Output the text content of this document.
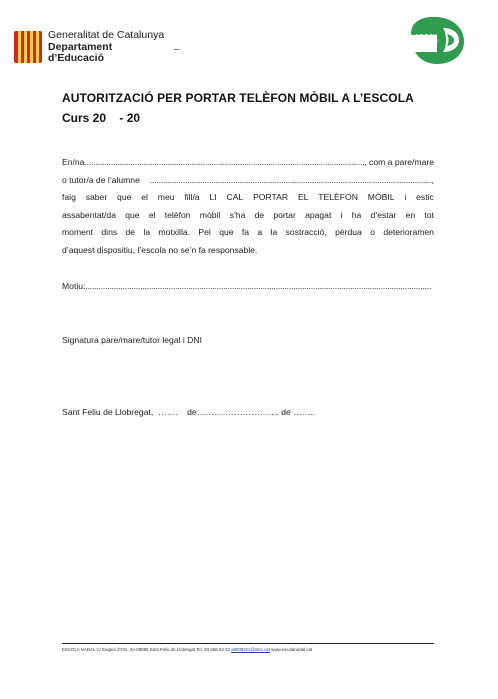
Generalitat de Catalunya
Departament
d’Educació
–
Escola
Nadal
AUTORITZACIÓ PER PORTAR TELÈFON MÒBIL A L’ESCOLA
Curs 20    - 20
En/na .....	, com a pare/mare
o tutor/a de l’alumne .....	,
faig saber que el meu fill/a LI CAL PORTAR EL TELÈFON MÒBIL i estic
assabentat/da que el telèfon mòbil s’ha de portar apagat i ha d’estar en tot
moment dins de la motxilla. Pel que fa a la sostracció, pèrdua o deterioramen
d’aquest dispositiu, l’escola no se’n fa responsable.
Motiu:
.....
Signatura pare/mare/tutor legal i DNI
Sant Feliu de Llobregat,  …….    de……………………….. de ……..
ESCOLA NADAL C/ Eugeni d’Ors, 3A 08980 Sant Feliu de Llobregat Tel. 93 666 52 43 a8008211@xtec.cat www.escolanadal.cat
